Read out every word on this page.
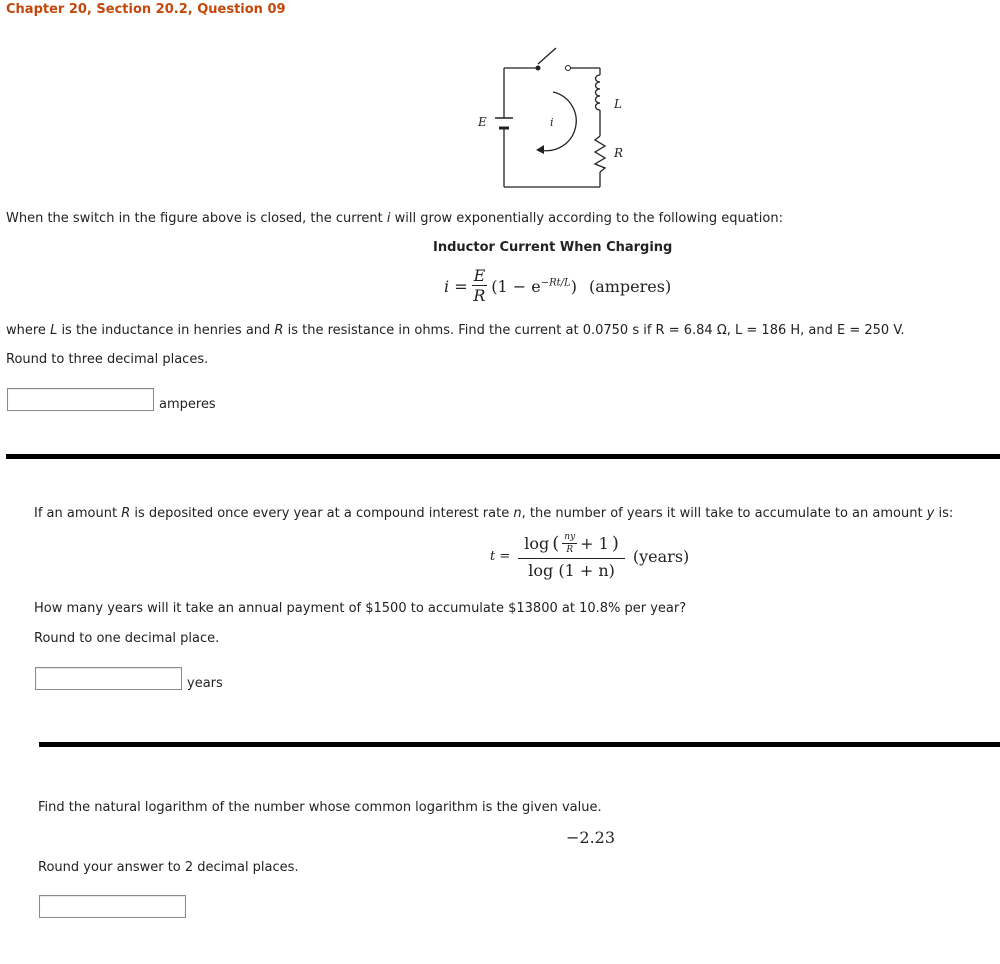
Chapter 20, Section 20.2, Question 09
E	i
L
R
When the switch in the figure above is closed, the current i will grow exponentially according to the following equation:
Inductor Current When Charging
$i = \frac{E}{R} (1 - e^{-Rt/L})$ (amperes)
where L is the inductance in henries and R is the resistance in ohms. Find the current at 0.0750 s if R = 6.84 Ω, L = 186 H, and E = 250 V.
Round to three decimal places.
amperes
If an amount R is deposited once every year at a compound interest rate n, the number of years it will take to accumulate to an amount y is:
t =
log ( $\frac{ny}{R} + 1$ )
log (1 + n)
(years)
How many years will it take an annual payment of $1500 to accumulate $13800 at 10.8% per year?
Round to one decimal place.
years
Find the natural logarithm of the number whose common logarithm is the given value.
−2.23
Round your answer to 2 decimal places.
